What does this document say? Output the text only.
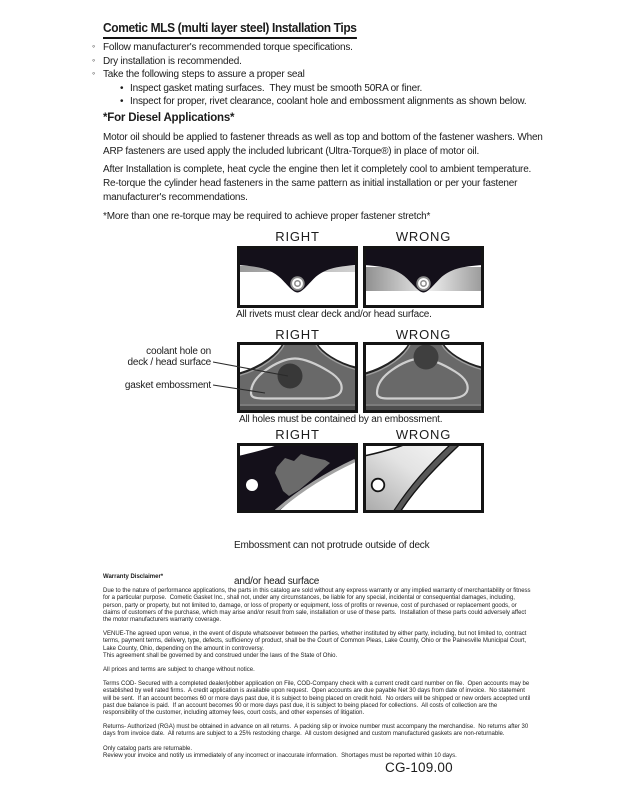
Cometic MLS (multi layer steel) Installation Tips
◦ Follow manufacturer's recommended torque specifications.
◦ Dry installation is recommended.
◦ Take the following steps to assure a proper seal
• Inspect gasket mating surfaces.  They must be smooth 50RA or finer.
• Inspect for proper, rivet clearance, coolant hole and embossment alignments as shown below.
*For Diesel Applications*
Motor oil should be applied to fastener threads as well as top and bottom of the fastener washers. When ARP fasteners are used apply the included lubricant (Ultra-Torque®) in place of motor oil.
After Installation is complete, heat cycle the engine then let it completely cool to ambient temperature. Re-torque the cylinder head fasteners in the same pattern as initial installation or per your fastener manufacturer's recommendations.
*More than one re-torque may be required to achieve proper fastener stretch*
RIGHT	WRONG
All rivets must clear deck and/or head surface.
RIGHT	WRONG
coolant hole on
deck / head surface
gasket embossment
All holes must be contained by an embossment.
RIGHT	WRONG

Embossment can not protrude outside of deck

and/or head surface

Warranty Disclaimer*

Due to the nature of performance applications, the parts in this catalog are sold without any express warranty or any implied warranty of merchantability or fitness for a particular purpose.  Cometic Gasket Inc., shall not, under any circumstances, be liable for any special, incidental or consequential damages, including, person, party or property, but not limited to, damage, or loss of property or equipment, loss of profits or revenue, cost of purchased or replacement goods, or claims of customers of the purchase, which may arise and/or result from sale, installation or use of these parts.  Installation of these parts could adversely affect the motor manufacturers warranty coverage.

VENUE-The agreed upon venue, in the event of dispute whatsoever between the parties, whether instituted by either party, including, but not limited to, contract terms, payment terms, delivery, type, defects, sufficiency of product, shall be the Court of Common Pleas, Lake County, Ohio or the Painesville Municipal Court, Lake County, Ohio, depending on the amount in controversy.

This agreement shall be governed by and construed under the laws of the State of Ohio.

All prices and terms are subject to change without notice.

Terms COD- Secured with a completed dealer/jobber application on File, COD-Company check with a current credit card number on file.  Open accounts may be established by well rated firms.  A credit application is available upon request.  Open accounts are due payable Net 30 days from date of invoice.  No statement will be sent.  If an account becomes 60 or more days past due, it is subject to being placed on credit hold.  No orders will be shipped or new orders accepted until past due balance is paid.  If an account becomes 90 or more days past due, it is subject to being placed for collections.  All costs of collection are the responsibility of the customer, including attorney fees, court costs, and other expenses of litigation.

Returns- Authorized (RGA) must be obtained in advance on all returns.  A packing slip or invoice number must accompany the merchandise.  No returns after 30 days from invoice date.  All returns are subject to a 25% restocking charge.  All custom designed and custom manufactured gaskets are non-returnable.

Only catalog parts are returnable.

Review your invoice and notify us immediately of any incorrect or inaccurate information.  Shortages must be reported within 10 days.

CG-109.00
